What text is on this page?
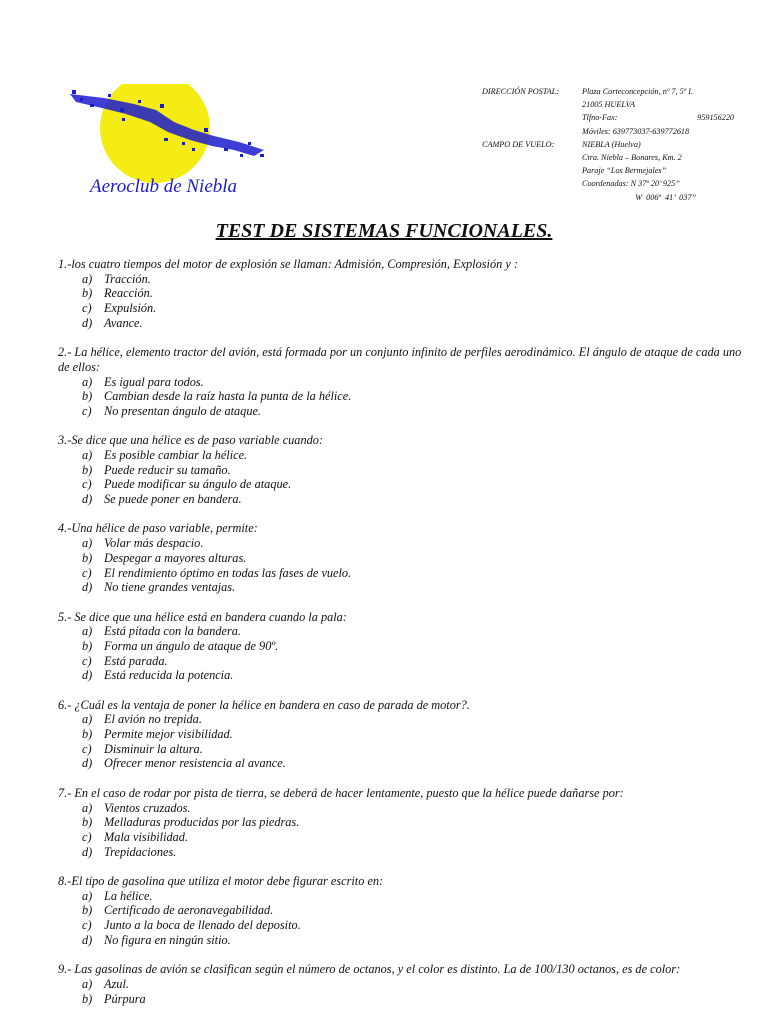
Aeroclub de Niebla
DIRECCIÓN POSTAL:	Plaza Corteconcepción, nº 7, 5º I.
21005 HUELVA
Tlfno-Fax:	959156220
Móviles: 639773037-639772618
CAMPO DE VUELO:	NIEBLA (Huelva)
Ctra. Niebla – Bonares, Km. 2
Paraje “Los Bermejales”
Coordenadas: N 37º 20’ 925’’
W  006º  41’  037’’
TEST DE SISTEMAS FUNCIONALES.
1.-los cuatro tiempos del motor de explosión se llaman: Admisión, Compresión, Explosión y :
a) Tracción.
b) Reacción.
c) Expulsión.
d) Avance.
2.- La hélice, elemento tractor del avión, está formada por un conjunto infinito de perfiles aerodinámico. El ángulo de ataque de cada uno de ellos:
a) Es igual para todos.
b) Cambian desde la raíz hasta la punta de la hélice.
c) No presentan ángulo de ataque.
3.-Se dice que una hélice es de paso variable cuando:
a) Es posible cambiar la hélice.
b) Puede reducir su tamaño.
c) Puede modificar su ángulo de ataque.
d) Se puede poner en bandera.
4.-Una hélice de paso variable, permite:
a) Volar más despacio.
b) Despegar a mayores alturas.
c) El rendimiento óptimo en todas las fases de vuelo.
d) No tiene grandes ventajas.
5.- Se dice que una hélice está en bandera cuando la pala:
a) Está pitada con la bandera.
b) Forma un ángulo de ataque de 90º.
c) Está parada.
d) Está reducida la potencia.
6.- ¿Cuál es la ventaja de poner la hélice en bandera en caso de parada de motor?.
a) El avión no trepida.
b) Permite mejor visibilidad.
c) Disminuir la altura.
d) Ofrecer menor resistencia al avance.
7.- En el caso de rodar por pista de tierra, se deberá de hacer lentamente, puesto que la hélice puede dañarse por:
a) Vientos cruzados.
b) Melladuras producidas por las piedras.
c) Mala visibilidad.
d) Trepidaciones.
8.-El tipo de gasolina que utiliza el motor debe figurar escrito en:
a) La hélice.
b) Certificado de aeronavegabilidad.
c) Junto a la boca de llenado del deposito.
d) No figura en ningún sitio.
9.- Las gasolinas de avión se clasifican según el número de octanos, y el color es distinto. La de 100/130 octanos, es de color:
a) Azul.
b) Púrpura
